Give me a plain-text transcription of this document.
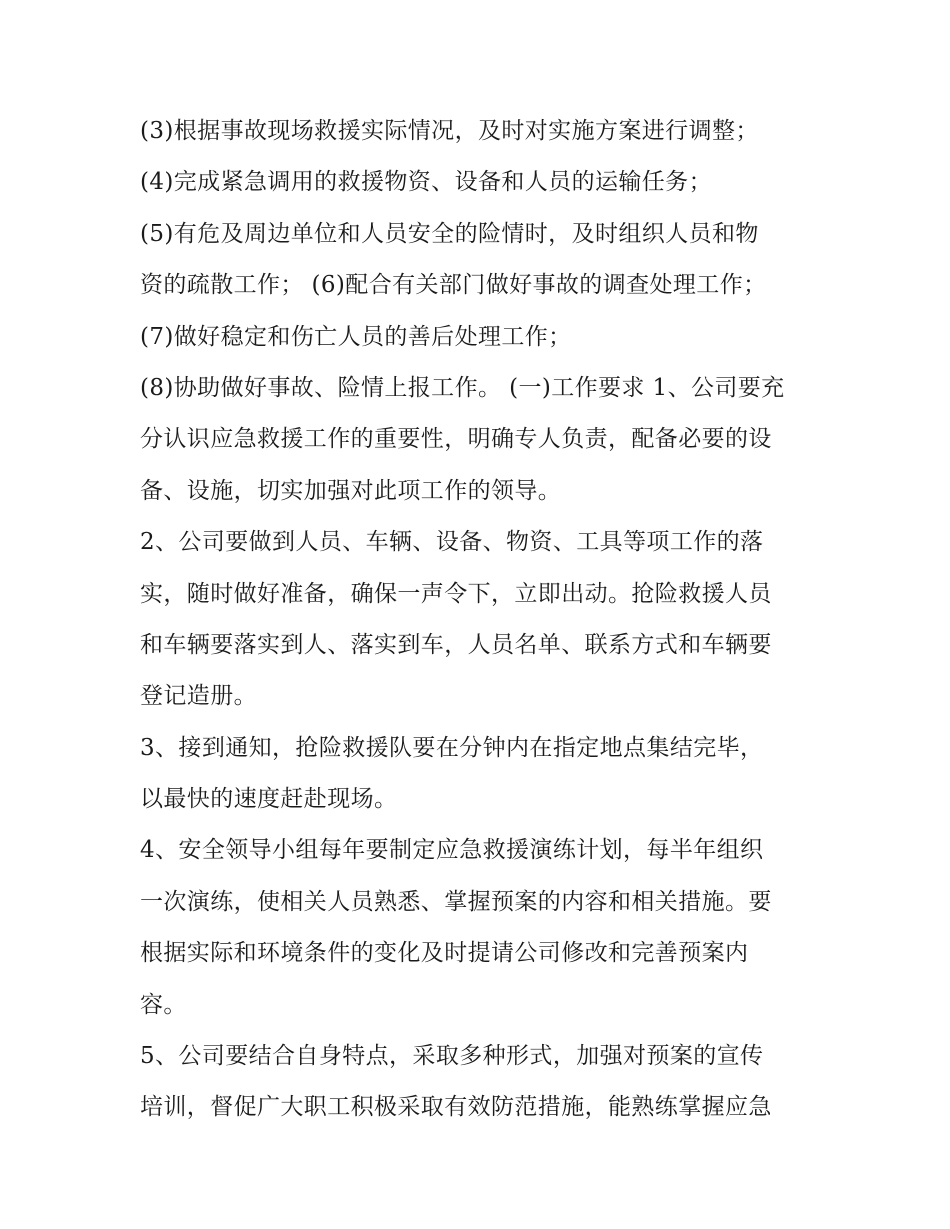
(3)根据事故现场救援实际情况，及时对实施方案进行调整；
(4)完成紧急调用的救援物资、设备和人员的运输任务；
(5)有危及周边单位和人员安全的险情时，及时组织人员和物
资的疏散工作； (6)配合有关部门做好事故的调查处理工作；
(7)做好稳定和伤亡人员的善后处理工作；
(8)协助做好事故、险情上报工作。 (一)工作要求 1、公司要充
分认识应急救援工作的重要性，明确专人负责，配备必要的设
备、设施，切实加强对此项工作的领导。
2、公司要做到人员、车辆、设备、物资、工具等项工作的落
实，随时做好准备，确保一声令下，立即出动。抢险救援人员
和车辆要落实到人、落实到车，人员名单、联系方式和车辆要
登记造册。
3、接到通知，抢险救援队要在分钟内在指定地点集结完毕，
以最快的速度赶赴现场。
4、安全领导小组每年要制定应急救援演练计划，每半年组织
一次演练，使相关人员熟悉、掌握预案的内容和相关措施。要
根据实际和环境条件的变化及时提请公司修改和完善预案内
容。
5、公司要结合自身特点，采取多种形式，加强对预案的宣传
培训，督促广大职工积极采取有效防范措施，能熟练掌握应急
